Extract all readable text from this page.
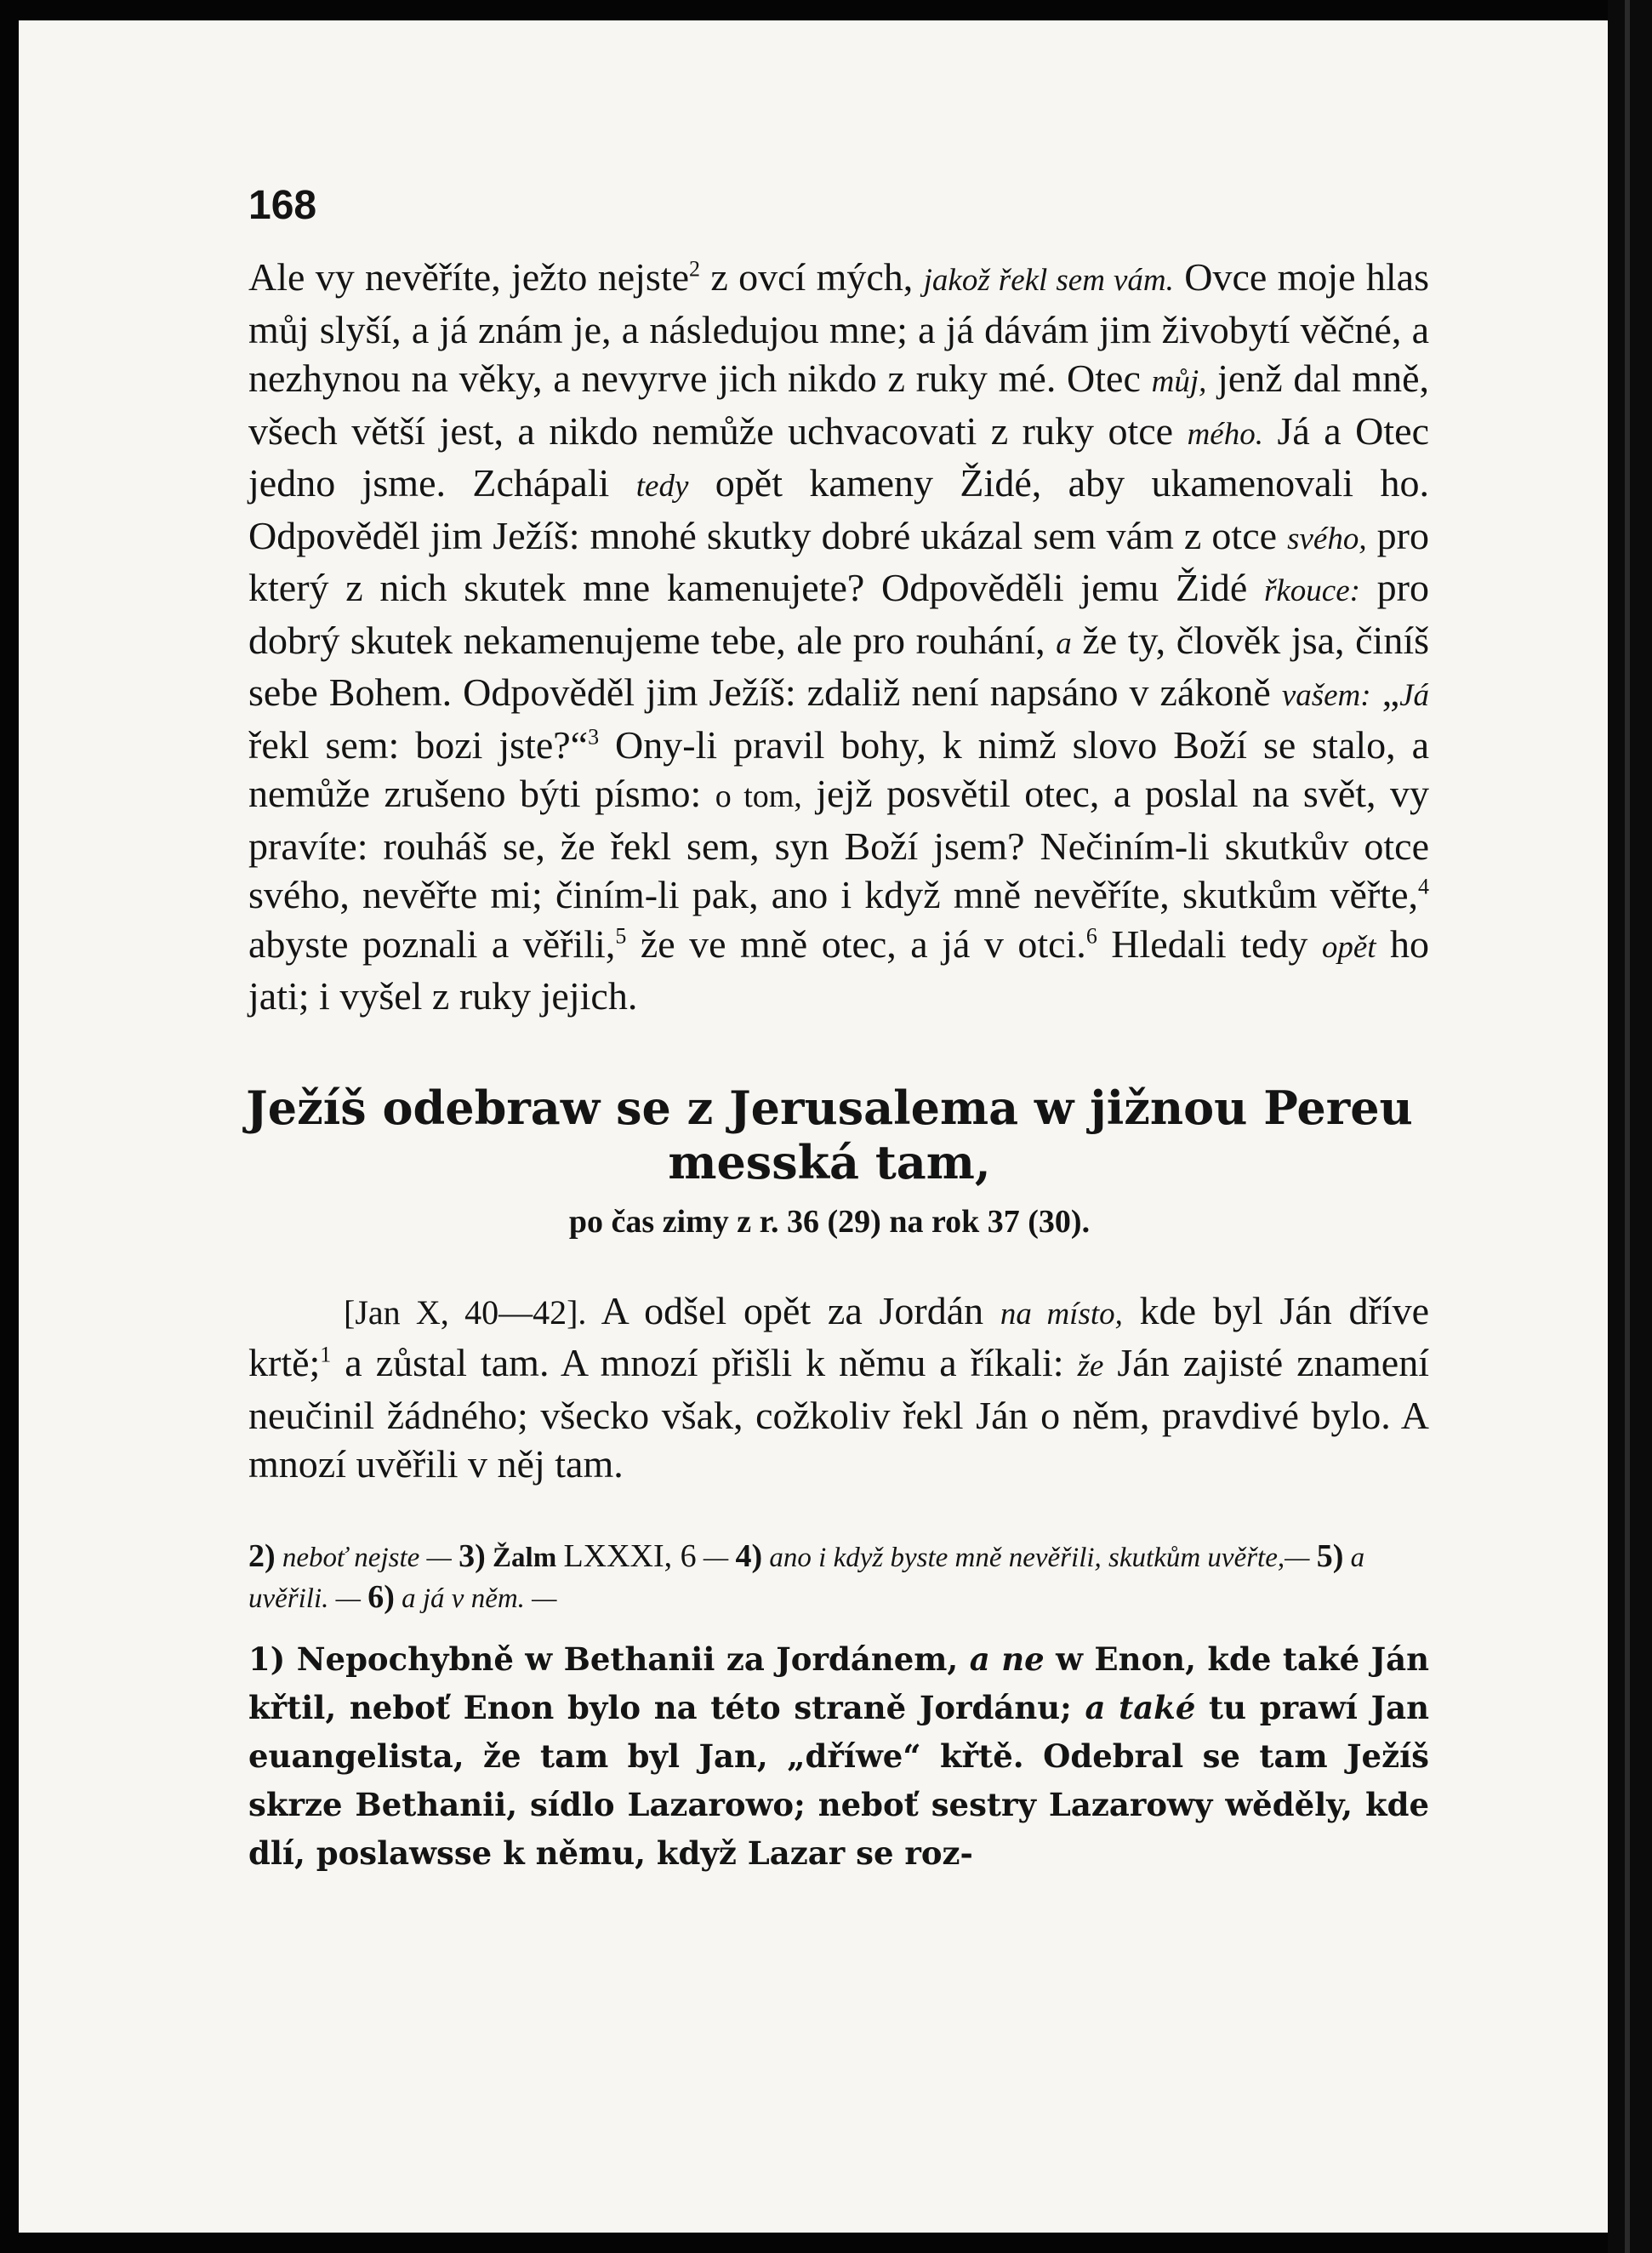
168

Ale vy nevěříte, ježto nejste$^2$ z ovcí mých, jakož řekl sem vám. Ovce moje hlas můj slyší, a já znám je, a následujou mne; a já dávám jim živobytí věčné, a nezhynou na věky, a nevyrve jich nikdo z ruky mé. Otec můj, jenž dal mně, všech větší jest, a nikdo nemůže uchvacovati z ruky otce mého. Já a Otec jedno jsme. Zchápali tedy opět kameny Židé, aby ukamenovali ho. Odpověděl jim Ježíš: mnohé skutky dobré ukázal sem vám z otce svého, pro který z nich skutek mne kamenujete? Odpověděli jemu Židé řkouce: pro dobrý skutek nekamenujeme tebe, ale pro rouhání, a že ty, člověk jsa, činíš sebe Bohem. Odpověděl jim Ježíš: zdaliž není napsáno v zákoně vašem: „Já řekl sem: bozi jste?“$^3$ Ony-li pravil bohy, k nimž slovo Boží se stalo, a nemůže zrušeno býti písmo: o tom, jejž posvětil otec, a poslal na svět, vy pravíte: rouháš se, že řekl sem, syn Boží jsem? Nečiním-li skutkův otce svého, nevěřte mi; činím-li pak, ano i když mně nevěříte, skutkům věřte,$^4$ abyste poznali a věřili,$^5$ že ve mně otec, a já v otci.$^6$ Hledali tedy opět ho jati; i vyšel z ruky jejich.

Ježíš odebraw se z Jerusalema w jižnou Pereu
messká tam,
po čas zimy z r. 36 (29) na rok 37 (30).

[Jan X, 40—42]. A odšel opět za Jordán na místo, kde byl Ján dříve krtě;$^1$ a zůstal tam. A mnozí přišli k němu a říkali: že Ján zajisté znamení neučinil žádného; všecko však, cožkoliv řekl Ján o něm, pravdivé bylo. A mnozí uvěřili v něj tam.

2) neboť nejste — 3) Žalm LXXXI, 6 — 4) ano i když byste mně nevěřili, skutkům uvěřte,— 5) a uvěřili. — 6) a já v něm. —

1) Nepochybně w Bethanii za Jordánem, a ne w Enon, kde také Ján křtil, neboť Enon bylo na této straně Jordánu; a také tu prawí Jan euangelista, že tam byl Jan, „dříwe“ křtě. Odebral se tam Ježíš skrze Bethanii, sídlo Lazarowo; neboť sestry Lazarowy wěděly, kde dlí, poslawsse k němu, když Lazar se roz-
